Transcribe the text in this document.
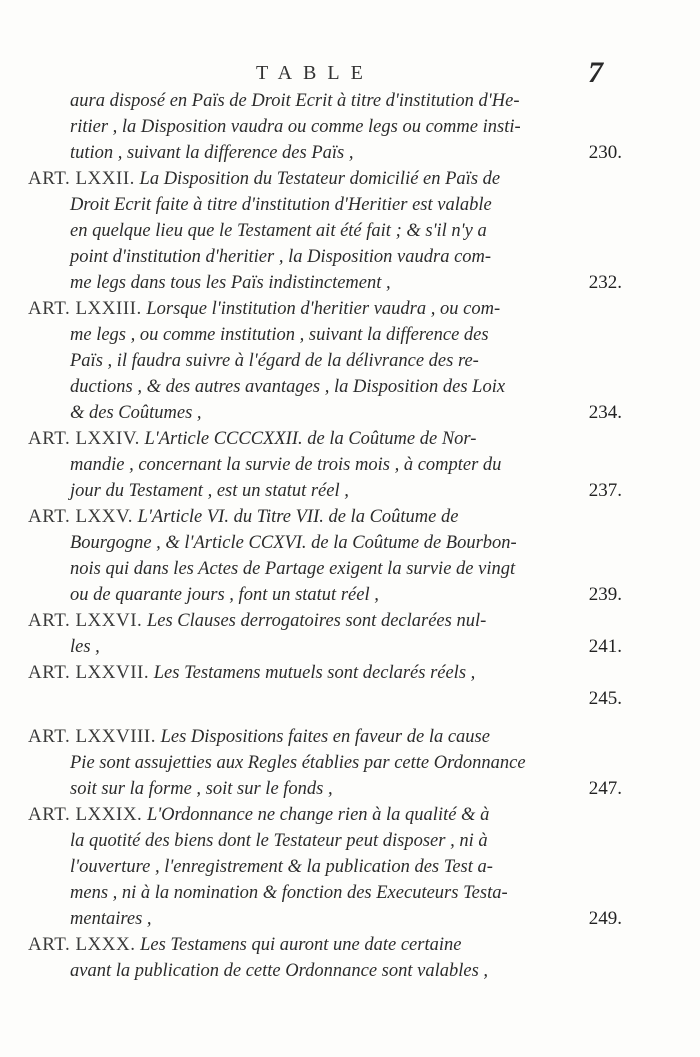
TABLE	7
aura disposé en Païs de Droit Ecrit à titre d'institution d'He-
ritier , la Disposition vaudra ou comme legs ou comme insti-
tution , suivant la difference des Païs ,	230.
ART. LXXII. La Disposition du Testateur domicilié en Païs de
Droit Ecrit faite à titre d'institution d'Heritier est valable
en quelque lieu que le Testament ait été fait ; & s'il n'y a
point d'institution d'heritier , la Disposition vaudra com-
me legs dans tous les Païs indistinctement ,	232.
ART. LXXIII. Lorsque l'institution d'heritier vaudra , ou com-
me legs , ou comme institution , suivant la difference des
Païs , il faudra suivre à l'égard de la délivrance des re-
ductions , & des autres avantages , la Disposition des Loix
& des Coûtumes ,	234.
ART. LXXIV. L'Article CCCCXXII. de la Coûtume de Nor-
mandie , concernant la survie de trois mois , à compter du
jour du Testament , est un statut réel ,	237.
ART. LXXV. L'Article VI. du Titre VII. de la Coûtume de
Bourgogne , & l'Article CCXVI. de la Coûtume de Bourbon-
nois qui dans les Actes de Partage exigent la survie de vingt
ou de quarante jours , font un statut réel ,	239.
ART. LXXVI. Les Clauses derrogatoires sont declarées nul-
les ,	241.
ART. LXXVII. Les Testamens mutuels sont declarés réels ,
245.
ART. LXXVIII. Les Dispositions faites en faveur de la cause
Pie sont assujetties aux Regles établies par cette Ordonnance
soit sur la forme , soit sur le fonds ,	247.
ART. LXXIX. L'Ordonnance ne change rien à la qualité & à
la quotité des biens dont le Testateur peut disposer , ni à
l'ouverture , l'enregistrement & la publication des Test a-
mens , ni à la nomination & fonction des Executeurs Testa-
mentaires ,	249.
ART. LXXX. Les Testamens qui auront une date certaine
avant la publication de cette Ordonnance sont valables ,
